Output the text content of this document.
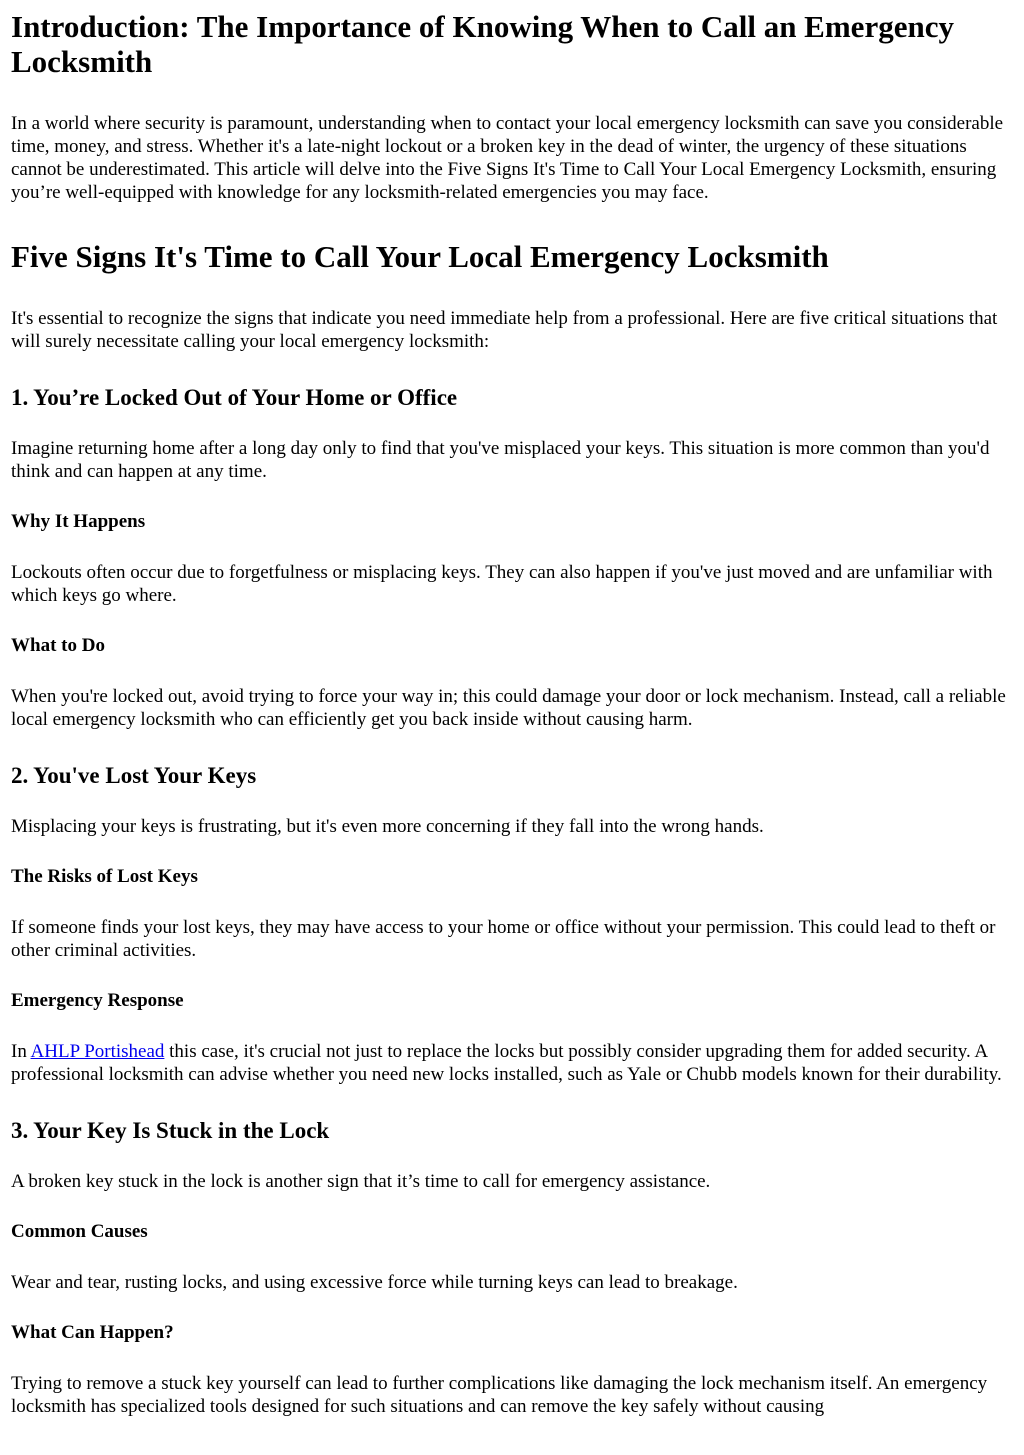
Introduction: The Importance of Knowing When to Call an Emergency Locksmith

In a world where security is paramount, understanding when to contact your local emergency locksmith can save you considerable time, money, and stress. Whether it's a late-night lockout or a broken key in the dead of winter, the urgency of these situations cannot be underestimated. This article will delve into the Five Signs It's Time to Call Your Local Emergency Locksmith, ensuring you’re well-equipped with knowledge for any locksmith-related emergencies you may face.

Five Signs It's Time to Call Your Local Emergency Locksmith

It's essential to recognize the signs that indicate you need immediate help from a professional. Here are five critical situations that will surely necessitate calling your local emergency locksmith:

1. You’re Locked Out of Your Home or Office

Imagine returning home after a long day only to find that you've misplaced your keys. This situation is more common than you'd think and can happen at any time.

Why It Happens

Lockouts often occur due to forgetfulness or misplacing keys. They can also happen if you've just moved and are unfamiliar with which keys go where.

What to Do

When you're locked out, avoid trying to force your way in; this could damage your door or lock mechanism. Instead, call a reliable local emergency locksmith who can efficiently get you back inside without causing harm.

2. You've Lost Your Keys

Misplacing your keys is frustrating, but it's even more concerning if they fall into the wrong hands.

The Risks of Lost Keys

If someone finds your lost keys, they may have access to your home or office without your permission. This could lead to theft or other criminal activities.

Emergency Response

In AHLP Portishead this case, it's crucial not just to replace the locks but possibly consider upgrading them for added security. A professional locksmith can advise whether you need new locks installed, such as Yale or Chubb models known for their durability.

3. Your Key Is Stuck in the Lock

A broken key stuck in the lock is another sign that it’s time to call for emergency assistance.

Common Causes

Wear and tear, rusting locks, and using excessive force while turning keys can lead to breakage.

What Can Happen?

Trying to remove a stuck key yourself can lead to further complications like damaging the lock mechanism itself. An emergency locksmith has specialized tools designed for such situations and can remove the key safely without causing
